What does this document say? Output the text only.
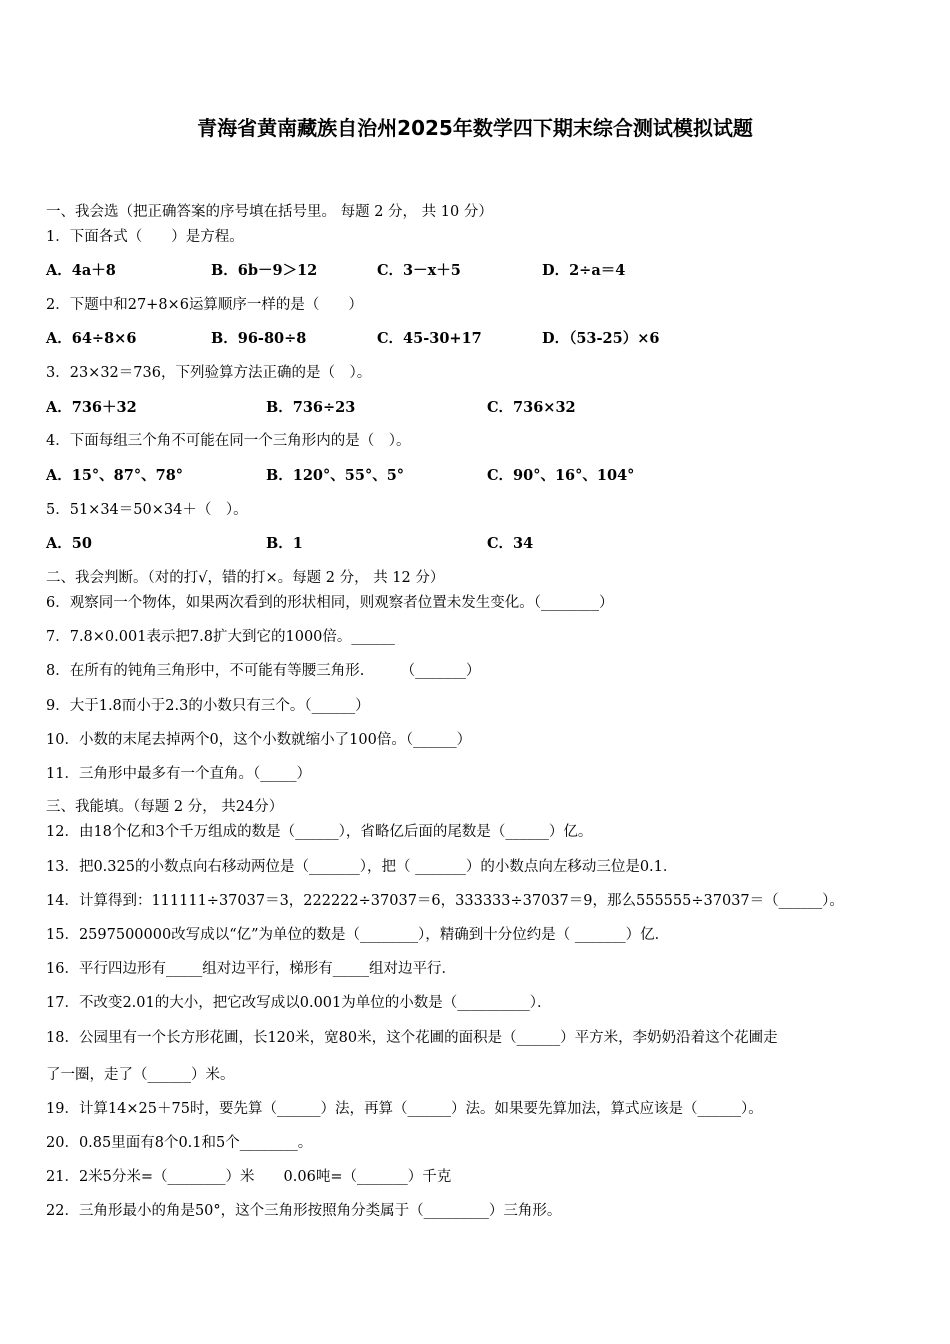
青海省黄南藏族自治州2025年数学四下期末综合测试模拟试题
一、我会选（把正确答案的序号填在括号里。 每题 2 分， 共 10 分）
1．下面各式（　　）是方程。
A．4a＋8	B．6b－9＞12	C．3－x＋5	D．2÷a＝4
2．下题中和27+8×6运算顺序一样的是（　　）
A．64÷8×6	B．96-80÷8	C．45-30+17	D．（53-25）×6
3．23×32＝736，下列验算方法正确的是（　）。
A．736＋32	B．736÷23	C．736×32
4．下面每组三个角不可能在同一个三角形内的是（　）。
A．15°、87°、78°	B．120°、55°、5°	C．90°、16°、104°
5．51×34＝50×34＋（　）。
A．50	B．1	C．34
二、我会判断。（对的打√，错的打×。每题 2 分， 共 12 分）
6．观察同一个物体，如果两次看到的形状相同，则观察者位置未发生变化。（________）
7．7.8×0.001表示把7.8扩大到它的1000倍。______
8．在所有的钝角三角形中，不可能有等腰三角形.　　　（_______）
9．大于1.8而小于2.3的小数只有三个。（______）
10．小数的末尾去掉两个0，这个小数就缩小了100倍。（______）
11．三角形中最多有一个直角。（_____）
三、我能填。（每题 2 分， 共24分）
12．由18个亿和3个千万组成的数是（______），省略亿后面的尾数是（______）亿。
13．把0.325的小数点向右移动两位是（_______），把（ _______）的小数点向左移动三位是0.1．
14．计算得到：111111÷37037＝3，222222÷37037＝6，333333÷37037＝9，那么555555÷37037＝（______）。
15．2597500000改写成以“亿”为单位的数是（________），精确到十分位约是（ _______）亿．
16．平行四边形有_____组对边平行，梯形有_____组对边平行．
17．不改变2.01的大小，把它改写成以0.001为单位的小数是（__________）．
18．公园里有一个长方形花圃，长120米，宽80米，这个花圃的面积是（______）平方米，李奶奶沿着这个花圃走
了一圈，走了（______）米。
19．计算14×25＋75时，要先算（______）法，再算（______）法。如果要先算加法，算式应该是（______）。
20．0.85里面有8个0.1和5个________。
21．2米5分米=（________）米　　0.06吨=（_______）千克
22．三角形最小的角是50°，这个三角形按照角分类属于（_________）三角形。
